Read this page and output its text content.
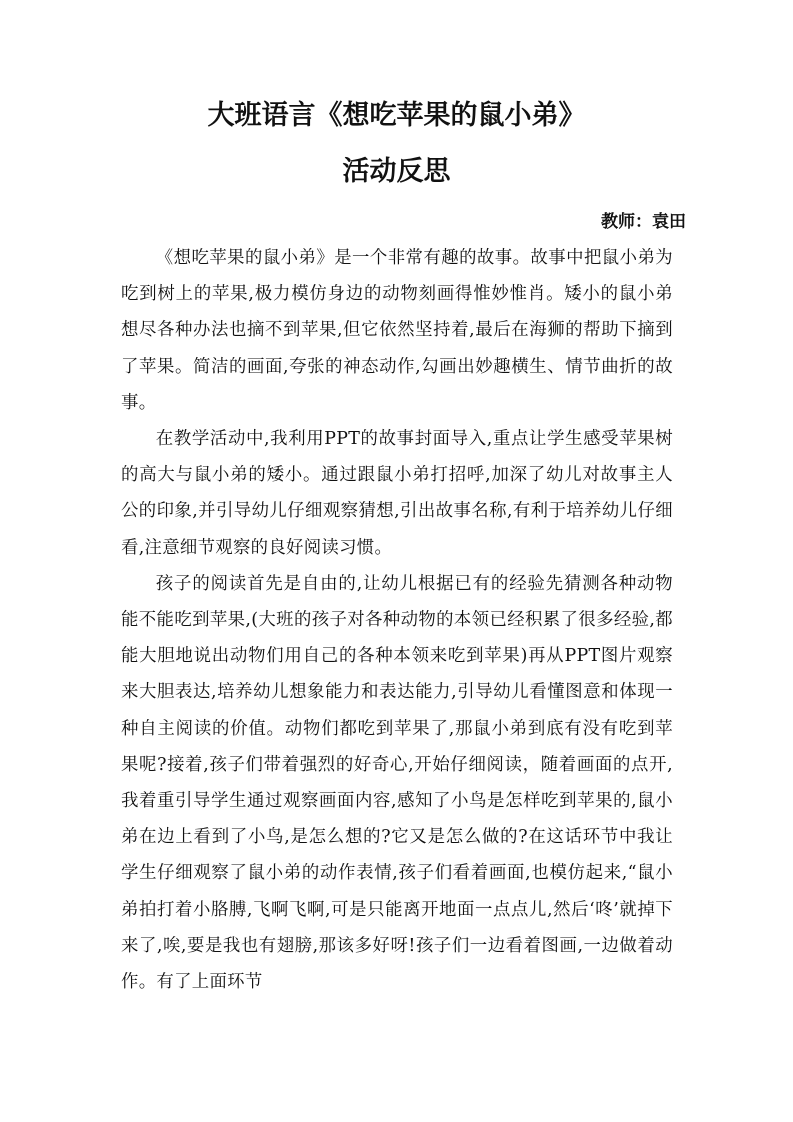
大班语言《想吃苹果的鼠小弟》
活动反思
教师：袁田

《想吃苹果的鼠小弟》是一个非常有趣的故事。故事中把鼠小弟为吃到树上的苹果,极力模仿身边的动物刻画得惟妙惟肖。矮小的鼠小弟想尽各种办法也摘不到苹果,但它依然坚持着,最后在海狮的帮助下摘到了苹果。简洁的画面,夸张的神态动作,勾画出妙趣横生、情节曲折的故事。

在教学活动中,我利用PPT的故事封面导入,重点让学生感受苹果树的高大与鼠小弟的矮小。通过跟鼠小弟打招呼,加深了幼儿对故事主人公的印象,并引导幼儿仔细观察猜想,引出故事名称,有利于培养幼儿仔细看,注意细节观察的良好阅读习惯。

孩子的阅读首先是自由的,让幼儿根据已有的经验先猜测各种动物能不能吃到苹果,(大班的孩子对各种动物的本领已经积累了很多经验,都能大胆地说出动物们用自己的各种本领来吃到苹果)再从PPT图片观察来大胆表达,培养幼儿想象能力和表达能力,引导幼儿看懂图意和体现一种自主阅读的价值。动物们都吃到苹果了,那鼠小弟到底有没有吃到苹果呢?接着,孩子们带着强烈的好奇心,开始仔细阅读，随着画面的点开,我着重引导学生通过观察画面内容,感知了小鸟是怎样吃到苹果的,鼠小弟在边上看到了小鸟,是怎么想的?它又是怎么做的?在这话环节中我让学生仔细观察了鼠小弟的动作表情,孩子们看着画面,也模仿起来,“鼠小弟拍打着小胳膊,飞啊飞啊,可是只能离开地面一点点儿,然后‘咚’就掉下来了,唉,要是我也有翅膀,那该多好呀!孩子们一边看着图画,一边做着动作。有了上面环节
